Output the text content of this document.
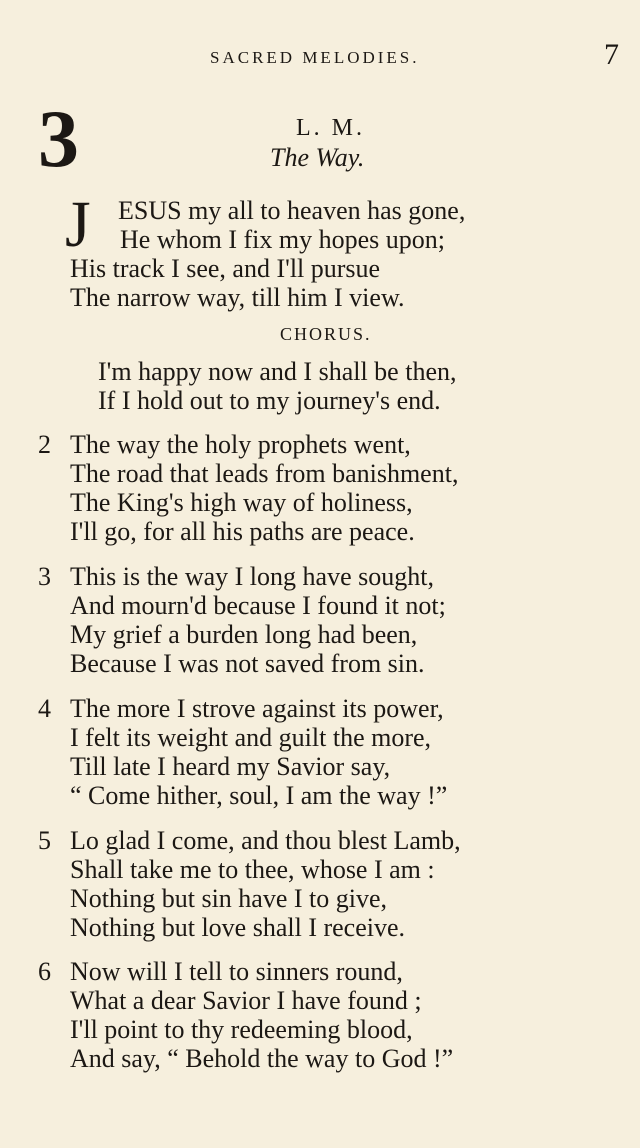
SACRED MELODIES.	7
3	L. M.
The Way.
J ESUS my all to heaven has gone,
He whom I fix my hopes upon;
His track I see, and I'll pursue
The narrow way, till him I view.
CHORUS.
I'm happy now and I shall be then,
If I hold out to my journey's end.
2 The way the holy prophets went,
The road that leads from banishment,
The King's high way of holiness,
I'll go, for all his paths are peace.
3 This is the way I long have sought,
And mourn'd because I found it not;
My grief a burden long had been,
Because I was not saved from sin.
4 The more I strove against its power,
I felt its weight and guilt the more,
Till late I heard my Savior say,
“ Come hither, soul, I am the way !”
5 Lo glad I come, and thou blest Lamb,
Shall take me to thee, whose I am :
Nothing but sin have I to give,
Nothing but love shall I receive.
6 Now will I tell to sinners round,
What a dear Savior I have found ;
I'll point to thy redeeming blood,
And say, “ Behold the way to God !”
